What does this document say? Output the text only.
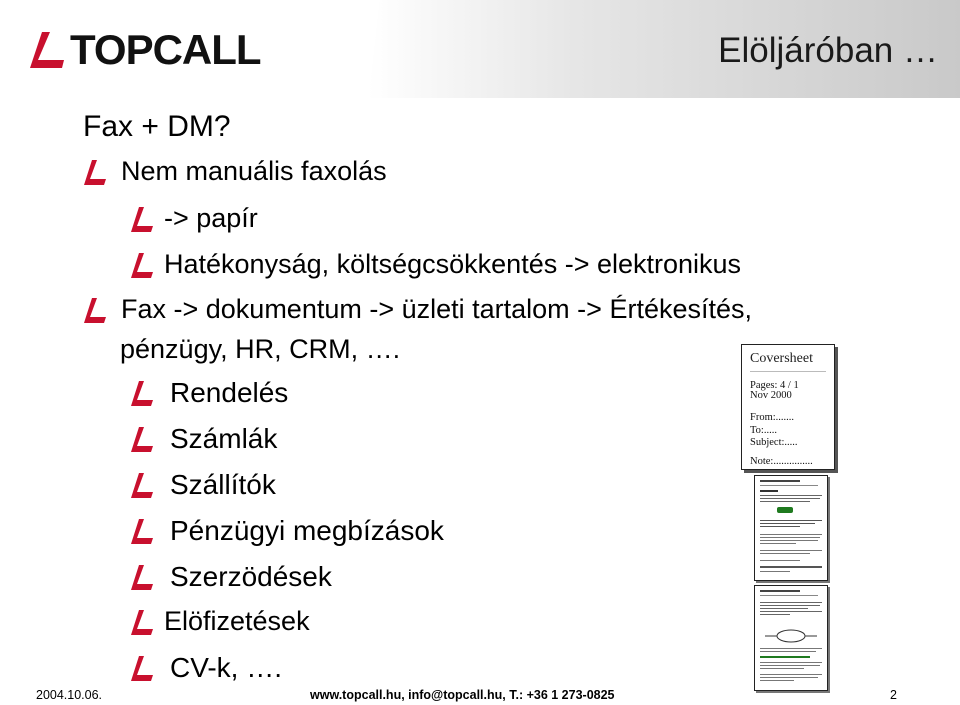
TOPCALL	Elöljáróban …
Fax + DM?
Nem manuális faxolás
-> papír
Hatékonyság, költségcsökkentés -> elektronikus
Fax -> dokumentum -> üzleti tartalom -> Értékesítés,
pénzügy, HR, CRM, ….
Rendelés
Számlák
Szállítók
Pénzügyi megbízások
Szerzödések
Elöfizetések
CV-k, ….
Coversheet
Pages: 4 / 1
Nov 2000
From:.......
To:.....
Subject:.....
Note:...............
2004.10.06.	www.topcall.hu, info@topcall.hu, T.: +36 1 273-0825	2
